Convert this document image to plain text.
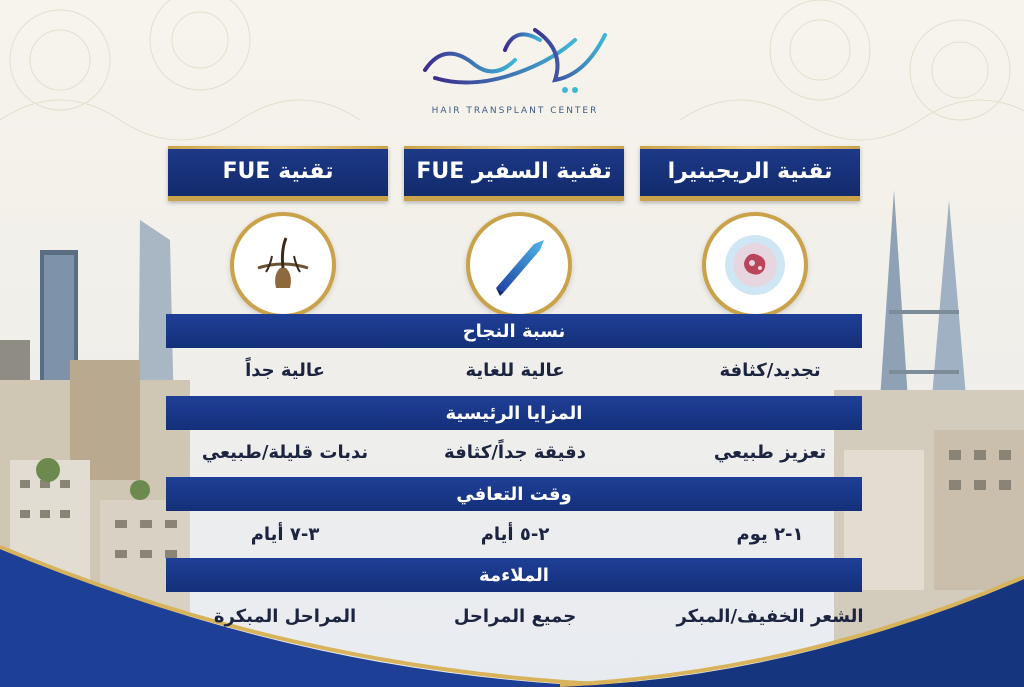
HAIR TRANSPLANT CENTER
تقنية الريجينيرا
تقنية السفير FUE
تقنية FUE
نسبة النجاح
تجديد/كثافة
عالية للغاية
عالية جداً
المزايا الرئيسية
تعزيز طبيعي
دقيقة جداً/كثافة
ندبات قليلة/طبيعي
وقت التعافي
١-٢ يوم
٢-٥ أيام
٣-٧ أيام
الملاءمة
الشعر الخفيف/المبكر
جميع المراحل
المراحل المبكرة
